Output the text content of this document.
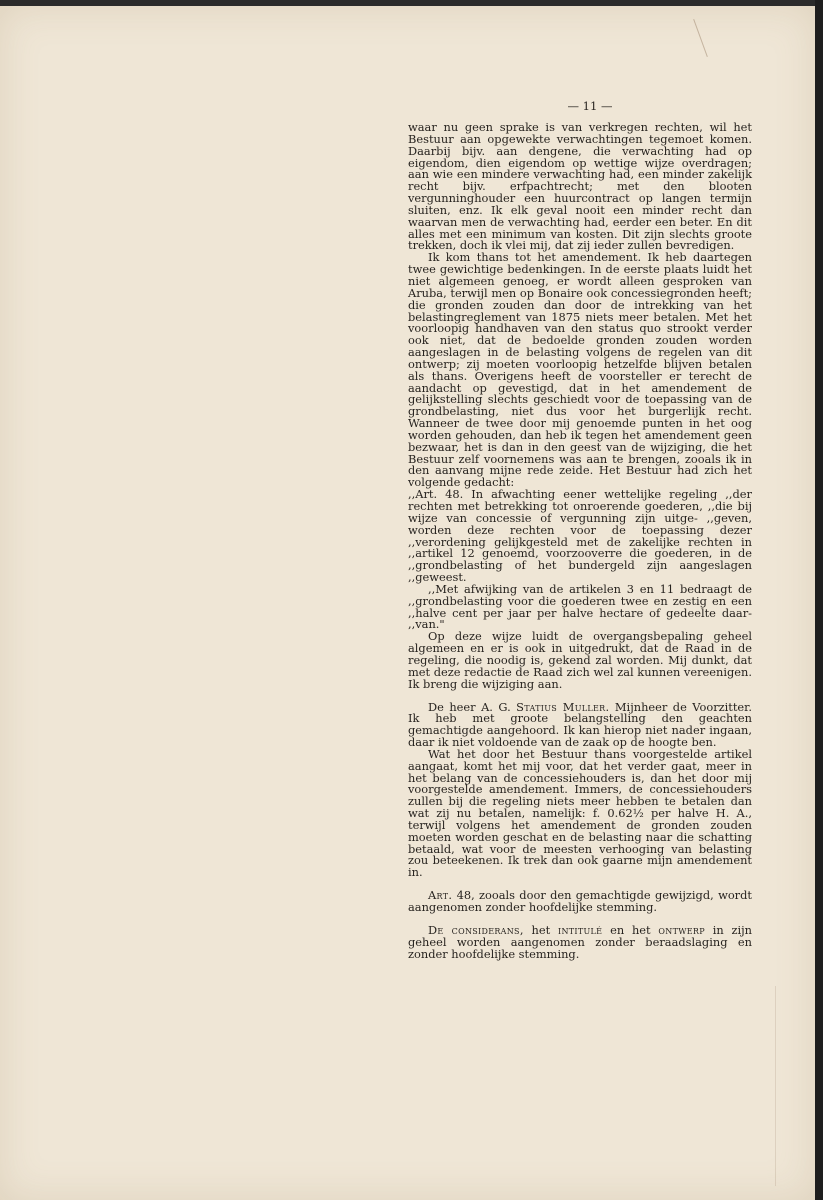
— 11 —

waar nu geen sprake is van verkregen rechten, wil het Bestuur aan opgewekte verwachtingen tegemoet komen. Daarbij bijv. aan dengene, die verwachting had op eigendom, dien eigendom op wettige wijze overdragen; aan wie een mindere verwachting had, een minder zakelijk recht bijv. erfpachtrecht; met den blooten vergunninghouder een huurcontract op langen termijn sluiten, enz. Ik elk geval nooit een minder recht dan waarvan men de verwachting had, eerder een beter. En dit alles met een minimum van kosten. Dit zijn slechts groote trekken, doch ik vlei mij, dat zij ieder zullen bevredigen.

Ik kom thans tot het amendement. Ik heb daartegen twee gewichtige bedenkingen. In de eerste plaats luidt het niet algemeen genoeg, er wordt alleen gesproken van Aruba, terwijl men op Bonaire ook concessiegronden heeft; die gronden zouden dan door de intrekking van het belastingreglement van 1875 niets meer betalen. Met het voorloopig handhaven van den status quo strookt verder ook niet, dat de bedoelde gronden zouden worden aangeslagen in de belasting volgens de regelen van dit ontwerp; zij moeten voorloopig hetzelfde blijven betalen als thans. Overigens heeft de voorsteller er terecht de aandacht op gevestigd, dat in het amendement de gelijkstelling slechts geschiedt voor de toepassing van de grondbelasting, niet dus voor het burgerlijk recht. Wanneer de twee door mij genoemde punten in het oog worden gehouden, dan heb ik tegen het amendement geen bezwaar, het is dan in den geest van de wijziging, die het Bestuur zelf voornemens was aan te brengen, zooals ik in den aanvang mijne rede zeide. Het Bestuur had zich het volgende gedacht:

,,Art. 48. In afwachting eener wettelijke regeling ,,der rechten met betrekking tot onroerende goederen, ,,die bij wijze van concessie of vergunning zijn uitge- ,,geven, worden deze rechten voor de toepassing dezer ,,verordening gelijkgesteld met de zakelijke rechten in ,,artikel 12 genoemd, voorzooverre die goederen, in de ,,grondbelasting of het bundergeld zijn aangeslagen ,,geweest.

,,Met afwijking van de artikelen 3 en 11 bedraagt de ,,grondbelasting voor die goederen twee en zestig en een ,,halve cent per jaar per halve hectare of gedeelte daar- ,,van."

Op deze wijze luidt de overgangsbepaling geheel algemeen en er is ook in uitgedrukt, dat de Raad in de regeling, die noodig is, gekend zal worden. Mij dunkt, dat met deze redactie de Raad zich wel zal kunnen vereenigen. Ik breng die wijziging aan.

De heer A. G. Statius Muller. Mijnheer de Voorzitter. Ik heb met groote belangstelling den geachten gemachtigde aangehoord. Ik kan hierop niet nader ingaan, daar ik niet voldoende van de zaak op de hoogte ben.

Wat het door het Bestuur thans voorgestelde artikel aangaat, komt het mij voor, dat het verder gaat, meer in het belang van de concessiehouders is, dan het door mij voorgestelde amendement. Immers, de concessiehouders zullen bij die regeling niets meer hebben te betalen dan wat zij nu betalen, namelijk: f. 0.62½ per halve H. A., terwijl volgens het amendement de gronden zouden moeten worden geschat en de belasting naar die schatting betaald, wat voor de meesten verhooging van belasting zou beteekenen. Ik trek dan ook gaarne mijn amendement in.

Art. 48, zooals door den gemachtigde gewijzigd, wordt aangenomen zonder hoofdelijke stemming.

De considerans, het intitulé en het ontwerp in zijn geheel worden aangenomen zonder beraadslaging en zonder hoofdelijke stemming.
